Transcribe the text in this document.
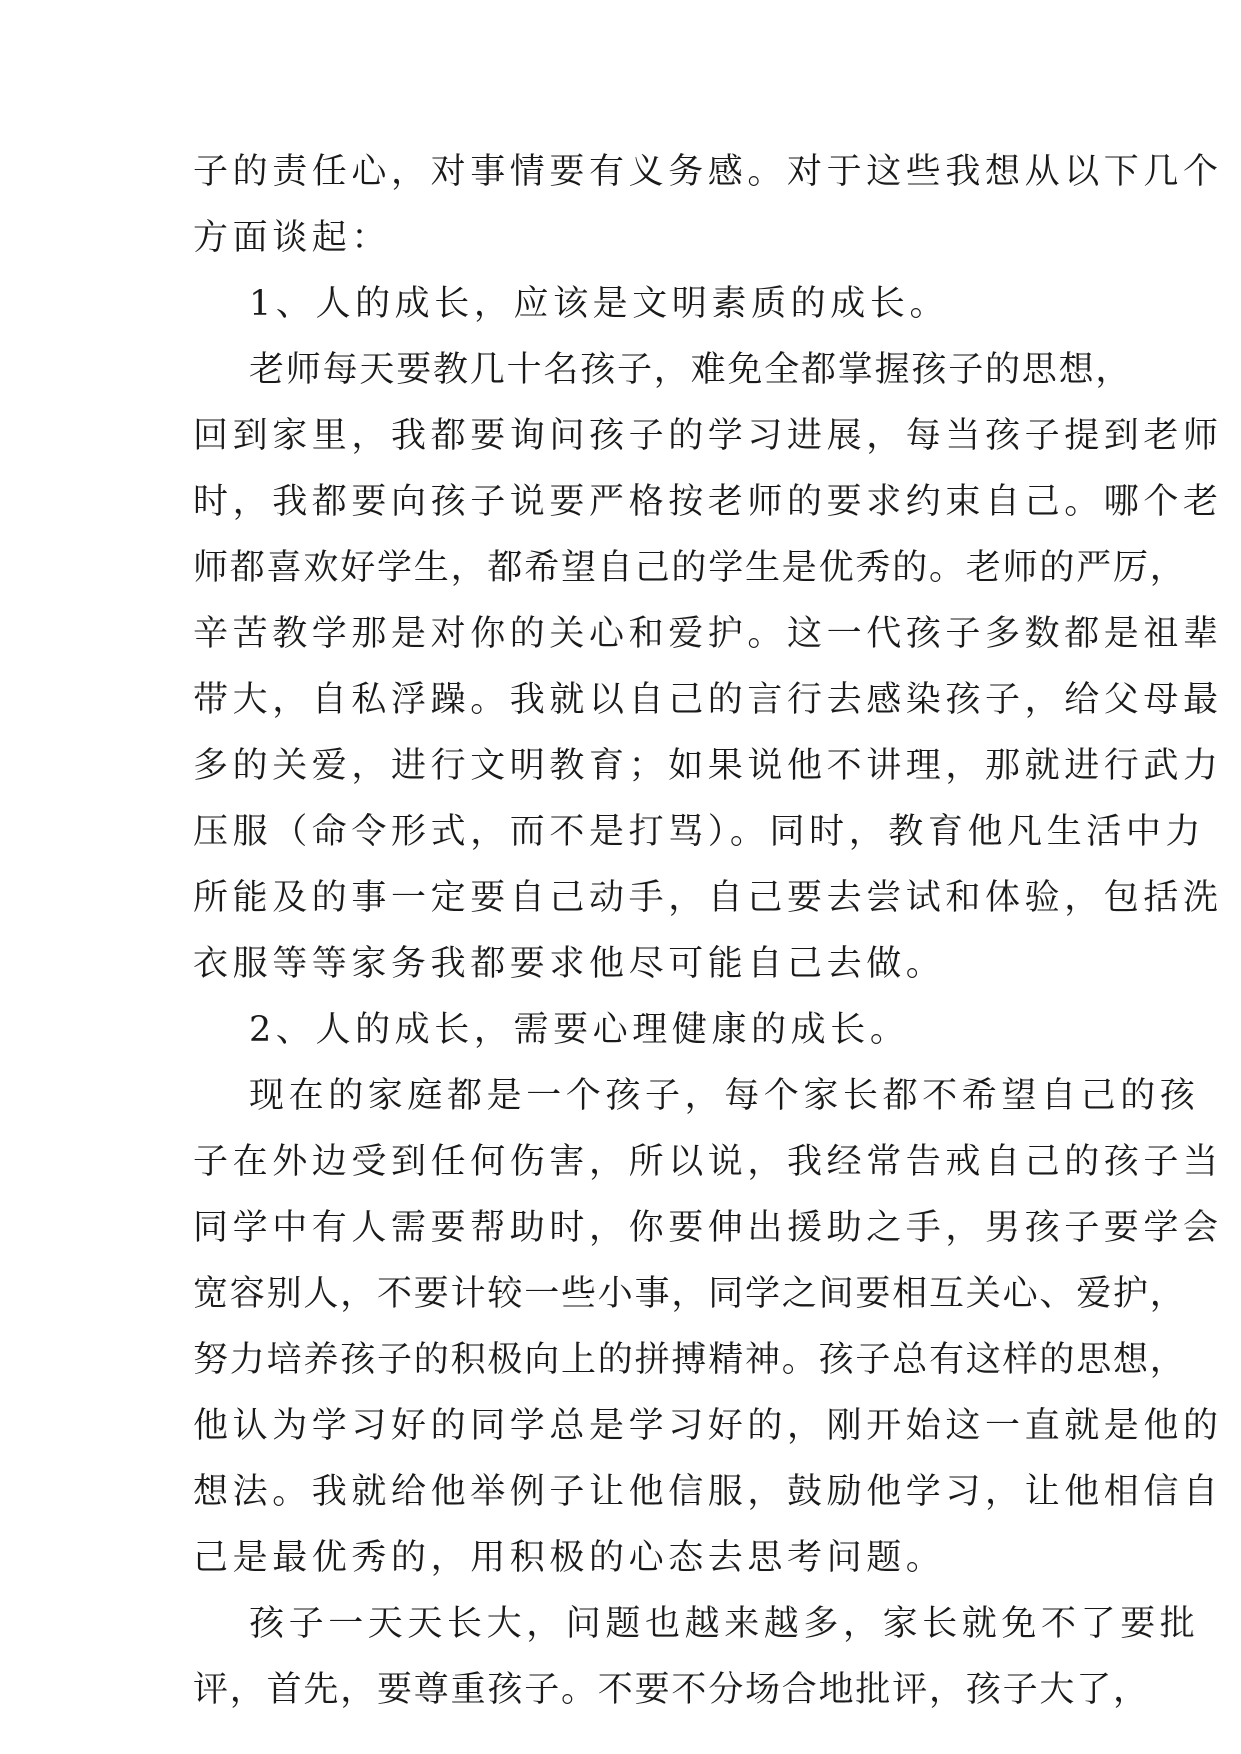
子的责任心，对事情要有义务感。对于这些我想从以下几个
方面谈起：
1、人的成长，应该是文明素质的成长。
老师每天要教几十名孩子，难免全都掌握孩子的思想，
回到家里，我都要询问孩子的学习进展，每当孩子提到老师
时，我都要向孩子说要严格按老师的要求约束自己。哪个老
师都喜欢好学生，都希望自己的学生是优秀的。老师的严厉，
辛苦教学那是对你的关心和爱护。这一代孩子多数都是祖辈
带大，自私浮躁。我就以自己的言行去感染孩子，给父母最
多的关爱，进行文明教育；如果说他不讲理，那就进行武力
压服（命令形式，而不是打骂）。同时，教育他凡生活中力
所能及的事一定要自己动手，自己要去尝试和体验，包括洗
衣服等等家务我都要求他尽可能自己去做。
2、人的成长，需要心理健康的成长。
现在的家庭都是一个孩子，每个家长都不希望自己的孩
子在外边受到任何伤害，所以说，我经常告戒自己的孩子当
同学中有人需要帮助时，你要伸出援助之手，男孩子要学会
宽容别人，不要计较一些小事，同学之间要相互关心、爱护，
努力培养孩子的积极向上的拼搏精神。孩子总有这样的思想，
他认为学习好的同学总是学习好的，刚开始这一直就是他的
想法。我就给他举例子让他信服，鼓励他学习，让他相信自
己是最优秀的，用积极的心态去思考问题。
孩子一天天长大，问题也越来越多，家长就免不了要批
评，首先，要尊重孩子。不要不分场合地批评，孩子大了，
